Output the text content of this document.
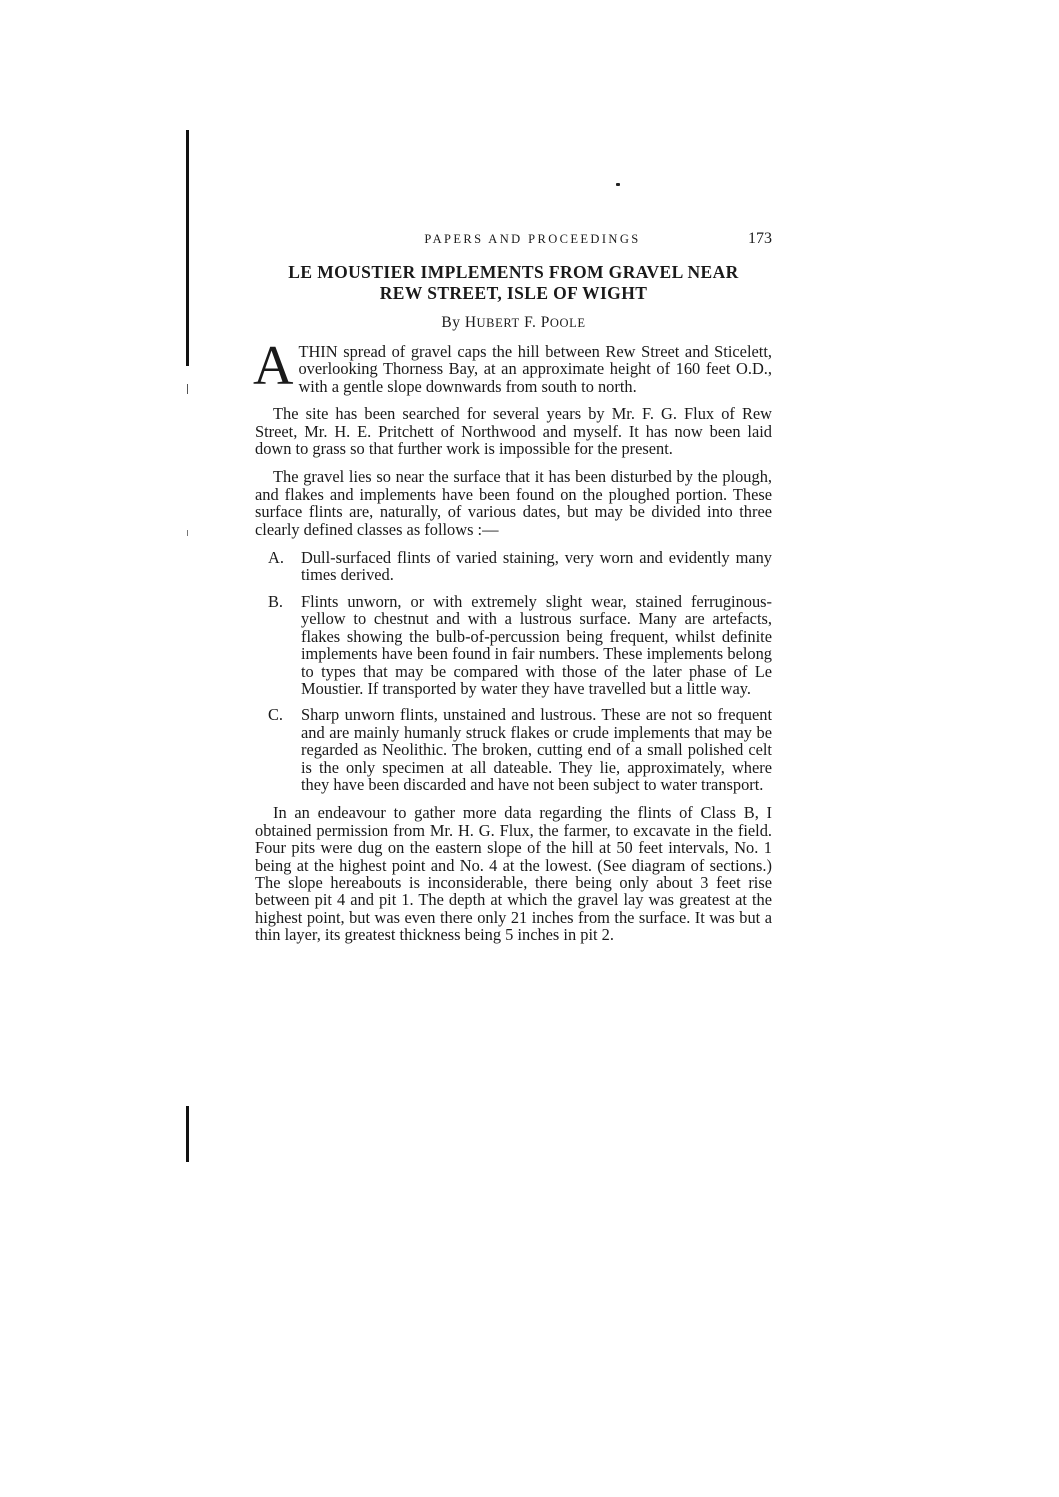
PAPERS AND PROCEEDINGS	173
LE MOUSTIER IMPLEMENTS FROM GRAVEL NEAR
REW STREET, ISLE OF WIGHT
By HUBERT F. POOLE

A THIN spread of gravel caps the hill between Rew Street and Sticelett, overlooking Thorness Bay, at an approximate height of 160 feet O.D., with a gentle slope downwards from south to north.

The site has been searched for several years by Mr. F. G. Flux of Rew Street, Mr. H. E. Pritchett of Northwood and myself. It has now been laid down to grass so that further work is impossible for the present.

The gravel lies so near the surface that it has been disturbed by the plough, and flakes and implements have been found on the ploughed portion. These surface flints are, naturally, of various dates, but may be divided into three clearly defined classes as follows :—

A. Dull-surfaced flints of varied staining, very worn and evidently many times derived.
B. Flints unworn, or with extremely slight wear, stained ferruginous-yellow to chestnut and with a lustrous surface. Many are artefacts, flakes showing the bulb-of-percussion being frequent, whilst definite implements have been found in fair numbers. These implements belong to types that may be compared with those of the later phase of Le Moustier. If transported by water they have travelled but a little way.
C. Sharp unworn flints, unstained and lustrous. These are not so frequent and are mainly humanly struck flakes or crude implements that may be regarded as Neolithic. The broken, cutting end of a small polished celt is the only specimen at all dateable. They lie, approximately, where they have been discarded and have not been subject to water transport.

In an endeavour to gather more data regarding the flints of Class B, I obtained permission from Mr. H. G. Flux, the farmer, to excavate in the field. Four pits were dug on the eastern slope of the hill at 50 feet intervals, No. 1 being at the highest point and No. 4 at the lowest. (See diagram of sections.) The slope hereabouts is inconsiderable, there being only about 3 feet rise between pit 4 and pit 1. The depth at which the gravel lay was greatest at the highest point, but was even there only 21 inches from the surface. It was but a thin layer, its greatest thickness being 5 inches in pit 2.
